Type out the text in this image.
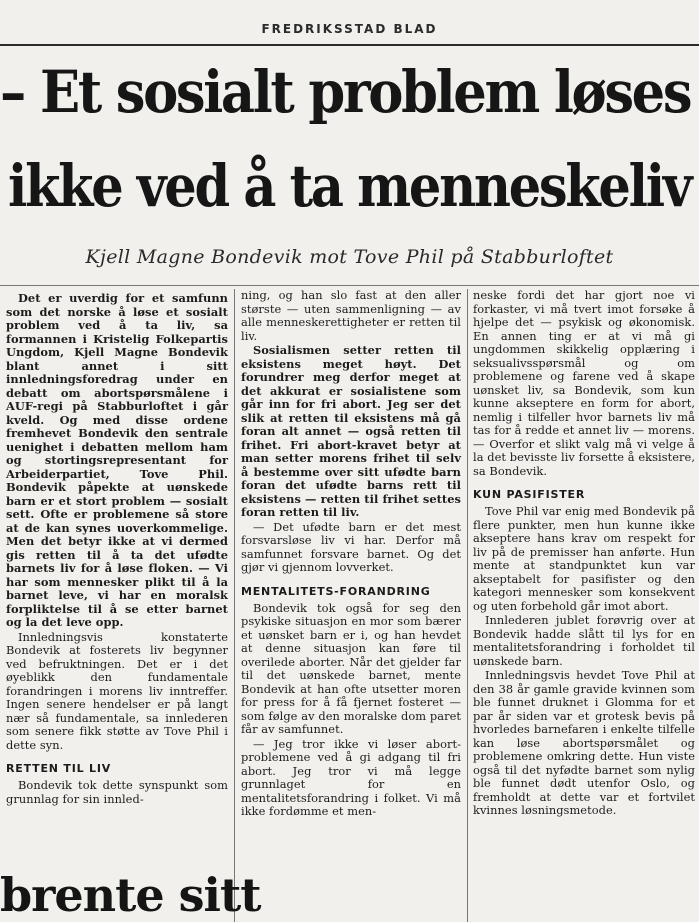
FREDRIKSSTAD BLAD
– Et sosialt problem løses
ikke ved å ta menneskeliv
Kjell Magne Bondevik mot Tove Phil på Stabburloftet

Det er uverdig for et samfunn som det norske å løse et sosialt problem ved å ta liv, sa formannen i Kristelig Folkepartis Ungdom, Kjell Magne Bondevik blant annet i sitt innledningsforedrag under en debatt om abortspørsmålene i AUF-regi på Stabburloftet i går kveld. Og med disse ordene fremhevet Bondevik den sentrale uenighet i debatten mellom ham og stortingsrepresentant for Arbeiderpartiet, Tove Phil. Bondevik påpekte at uønskede barn er et stort problem — sosialt sett. Ofte er problemene så store at de kan synes uoverkommelige. Men det betyr ikke at vi dermed gis retten til å ta det ufødte barnets liv for å løse floken. — Vi har som mennesker plikt til å la barnet leve, vi har en moralsk forpliktelse til å se etter barnet og la det leve opp.

Innledningsvis konstaterte Bondevik at fosterets liv begynner ved befruktningen. Det er i det øyeblikk den fundamentale forandringen i morens liv inntreffer. Ingen senere hendelser er på langt nær så fundamentale, sa innlederen som senere fikk støtte av Tove Phil i dette syn.

RETTEN TIL LIV

Bondevik tok dette synspunkt som grunnlag for sin innled-

ning, og han slo fast at den aller største — uten sammenligning — av alle menneskerettigheter er retten til liv.

Sosialismen setter retten til eksistens meget høyt. Det forundrer meg derfor meget at det akkurat er sosialistene som går inn for fri abort. Jeg ser det slik at retten til eksistens må gå foran alt annet — også retten til frihet. Fri abort-kravet betyr at man setter morens frihet til selv å bestemme over sitt ufødte barn foran det ufødte barns rett til eksistens — retten til frihet settes foran retten til liv.

— Det ufødte barn er det mest forsvarsløse liv vi har. Derfor må samfunnet forsvare barnet. Og det gjør vi gjennom lovverket.

MENTALITETS-FORANDRING

Bondevik tok også for seg den psykiske situasjon en mor som bærer et uønsket barn er i, og han hevdet at denne situasjon kan føre til overilede aborter. Når det gjelder far til det uønskede barnet, mente Bondevik at han ofte utsetter moren for press for å få fjernet fosteret — som følge av den moralske dom paret får av samfunnet.

— Jeg tror ikke vi løser abort-problemene ved å gi adgang til fri abort. Jeg tror vi må legge grunnlaget for en mentalitetsforandring i folket. Vi må ikke fordømme et men-

neske fordi det har gjort noe vi forkaster, vi må tvert imot forsøke å hjelpe det — psykisk og økonomisk. En annen ting er at vi må gi ungdommen skikkelig opplæring i seksualivsspørsmål og om problemene og farene ved å skape uønsket liv, sa Bondevik, som kun kunne akseptere en form for abort, nemlig i tilfeller hvor barnets liv må tas for å redde et annet liv — morens. — Overfor et slikt valg må vi velge å la det bevisste liv forsette å eksistere, sa Bondevik.

KUN PASIFISTER

Tove Phil var enig med Bondevik på flere punkter, men hun kunne ikke akseptere hans krav om respekt for liv på de premisser han anførte. Hun mente at standpunktet kun var akseptabelt for pasifister og den kategori mennesker som konsekvent og uten forbehold går imot abort.

Innlederen jublet forøvrig over at Bondevik hadde slått til lys for en mentalitetsforandring i forholdet til uønskede barn.

Innledningsvis hevdet Tove Phil at den 38 år gamle gravide kvinnen som ble funnet druknet i Glomma for et par år siden var et grotesk bevis på hvorledes barnefaren i enkelte tilfelle kan løse abortspørsmålet og problemene omkring dette. Hun viste også til det nyfødte barnet som nylig ble funnet dødt utenfor Oslo, og fremholdt at dette var et fortvilet kvinnes løsningsmetode.

brente sitt
